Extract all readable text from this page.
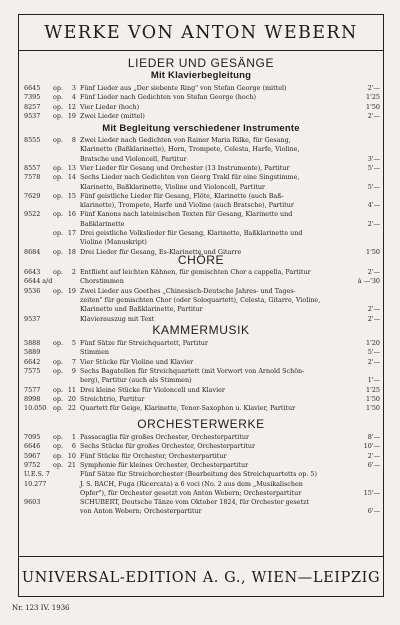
WERKE VON ANTON WEBERN
LIEDER UND GESÄNGE
Mit Klavierbegleitung
6645	op.	3 Fünf Lieder aus „Der siebente Ring" von Stefan George (mittel)	2'—
7395	op.	4 Fünf Lieder nach Gedichten von Stefan George (hoch)	1'25
8257	op. 12 Vier Lieder (hoch)	1'50
9537	op. 19 Zwei Lieder (mittel)	2'—
Mit Begleitung verschiedener Instrumente
8555	op.	8 Zwei Lieder nach Gedichten von Rainer Maria Rilke, für Gesang,
Klarinette (Baßklarinette), Horn, Trompete, Celesta, Harfe, Violine,
Bratsche und Violoncell, Partitur	3'—
8557	op. 13 Vier Lieder für Gesang und Orchester (13 Instrumente), Partitur	5'—
7578	op. 14 Sechs Lieder nach Gedichten von Georg Trakl für eine Singstimme,
Klarinette, Baßklarinette, Violine und Violoncell, Partitur	5'—
7629	op. 15 Fünf geistliche Lieder für Gesang, Flöte, Klarinette (auch Baß-
klarinette), Trompete, Harfe und Violine (auch Bratsche), Partitur	4'—
9522	op. 16 Fünf Kanons nach lateinischen Texten für Gesang, Klarinette und
Baßklarinette	2'—
op. 17 Drei geistliche Volkslieder für Gesang, Klarinette, Baßklarinette und
Violine (Manuskript)
8684	op. 18 Drei Lieder für Gesang, Es-Klarinette und Gitarre	1'50
CHÖRE
6643	op.	2 Entflieht auf leichten Kähnen, für gemischten Chor a cappella, Partitur	2'—
6644 a/d	Chorstimmen	à —'30
9536	op. 19 Zwei Lieder aus Goethes „Chinesisch-Deutsche Jahres- und Tages-
zeiten" für gemischten Chor (oder Soloquartett), Celesta, Gitarre, Violine,
Klarinette und Baßklarinette, Partitur	2'—
9537	Klavierauszug mit Text	2'—
KAMMERMUSIK
5888	op.	5 Fünf Sätze für Streichquartett, Partitur	1'20
5889	Stimmen	5'—
6642	op.	7 Vier Stücke für Violine und Klavier	2'—
7575	op.	9 Sechs Bagatellen für Streichquartett (mit Vorwort von Arnold Schön-
berg), Partitur (auch als Stimmen)	1'—
7577	op. 11 Drei kleine Stücke für Violoncell und Klavier	1'25
8998	op. 20 Streichtrio, Partitur	1'50
10.050 op. 22 Quartett für Geige, Klarinette, Tenor-Saxophon u. Klavier, Partitur	1'50
ORCHESTERWERKE
7095	op.	1 Passacaglia für großes Orchester, Orchesterpartitur	8'—
6646	op.	6 Sechs Stücke für großes Orchester, Orchesterpartitur	10'—
5967	op. 10 Fünf Stücke für Orchester, Orchesterpartitur	2'—
9752	op. 21 Symphonie für kleines Orchester, Orchesterpartitur	6'—
U.E.S. 7	Fünf Sätze für Streichorchester (Bearbeitung des Streichquartetts op. 5)
10.277	J. S. BACH, Fuga (Ricercata) a 6 voci (No. 2 aus dem „Musikalischen
Opfer"), für Orchester gesetzt von Anton Webern; Orchesterpartitur	15'—
9603	SCHUBERT, Deutsche Tänze vom Oktober 1824, für Orchester gesetzt
von Anton Webern; Orchesterpartitur	6'—
UNIVERSAL-EDITION A. G., WIEN—LEIPZIG
Nr. 123 IV. 1936
